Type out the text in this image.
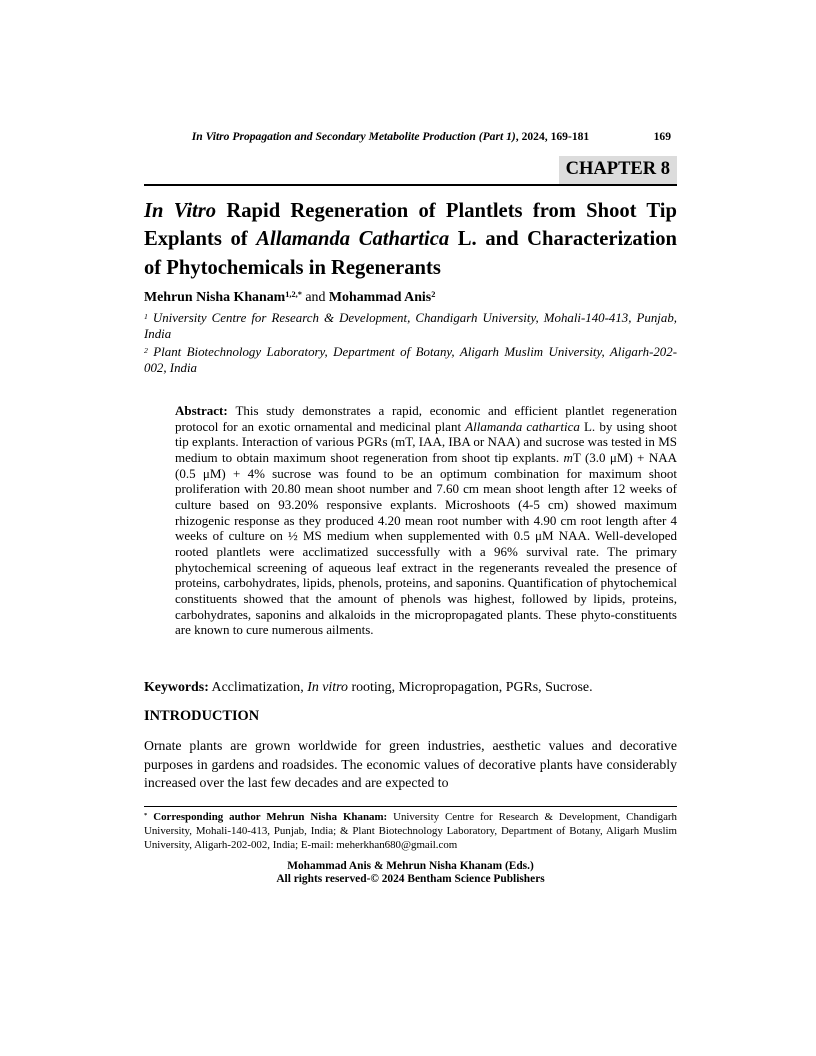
In Vitro Propagation and Secondary Metabolite Production (Part 1), 2024, 169-181	169
CHAPTER 8
In Vitro Rapid Regeneration of Plantlets from Shoot Tip Explants of Allamanda Cathartica L. and Characterization of Phytochemicals in Regenerants

Mehrun Nisha Khanam$^{1,2,*}$ and Mohammad Anis$^2$

$^1$ University Centre for Research & Development, Chandigarh University, Mohali-140-413, Punjab, India

$^2$ Plant Biotechnology Laboratory, Department of Botany, Aligarh Muslim University, Aligarh-202-002, India

Abstract: This study demonstrates a rapid, economic and efficient plantlet regeneration protocol for an exotic ornamental and medicinal plant Allamanda cathartica L. by using shoot tip explants. Interaction of various PGRs (mT, IAA, IBA or NAA) and sucrose was tested in MS medium to obtain maximum shoot regeneration from shoot tip explants. mT (3.0 μM) + NAA (0.5 μM) + 4% sucrose was found to be an optimum combination for maximum shoot proliferation with 20.80 mean shoot number and 7.60 cm mean shoot length after 12 weeks of culture based on 93.20% responsive explants. Microshoots (4-5 cm) showed maximum rhizogenic response as they produced 4.20 mean root number with 4.90 cm root length after 4 weeks of culture on ½ MS medium when supplemented with 0.5 μM NAA. Well-developed rooted plantlets were acclimatized successfully with a 96% survival rate. The primary phytochemical screening of aqueous leaf extract in the regenerants revealed the presence of proteins, carbohydrates, lipids, phenols, proteins, and saponins. Quantification of phytochemical constituents showed that the amount of phenols was highest, followed by lipids, proteins, carbohydrates, saponins and alkaloids in the micropropagated plants. These phyto-constituents are known to cure numerous ailments.

Keywords: Acclimatization, In vitro rooting, Micropropagation, PGRs, Sucrose.

INTRODUCTION

Ornate plants are grown worldwide for green industries, aesthetic values and decorative purposes in gardens and roadsides. The economic values of decorative plants have considerably increased over the last few decades and are expected to

* Corresponding author Mehrun Nisha Khanam: University Centre for Research & Development, Chandigarh University, Mohali-140-413, Punjab, India; & Plant Biotechnology Laboratory, Department of Botany, Aligarh Muslim University, Aligarh-202-002, India; E-mail: meherkhan680@gmail.com

Mohammad Anis & Mehrun Nisha Khanam (Eds.)
All rights reserved-© 2024 Bentham Science Publishers
